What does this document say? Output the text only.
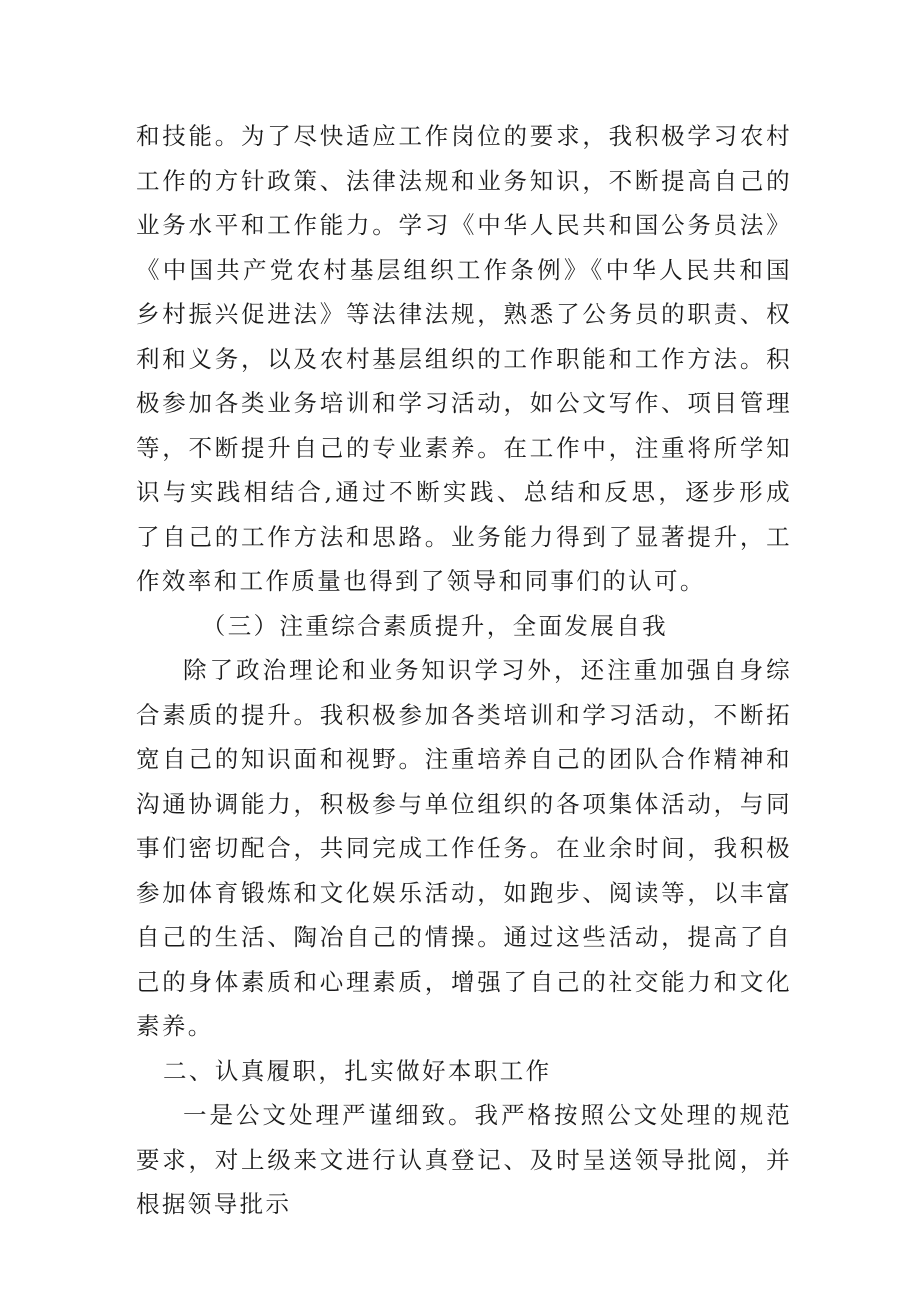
和技能。为了尽快适应工作岗位的要求，我积极学习农村工作的方针政策、法律法规和业务知识，不断提高自己的业务水平和工作能力。学习《中华人民共和国公务员法》《中国共产党农村基层组织工作条例》《中华人民共和国乡村振兴促进法》等法律法规，熟悉了公务员的职责、权利和义务，以及农村基层组织的工作职能和工作方法。积极参加各类业务培训和学习活动，如公文写作、项目管理等，不断提升自己的专业素养。在工作中，注重将所学知识与实践相结合,通过不断实践、总结和反思，逐步形成了自己的工作方法和思路。业务能力得到了显著提升，工作效率和工作质量也得到了领导和同事们的认可。

（三）注重综合素质提升，全面发展自我

除了政治理论和业务知识学习外，还注重加强自身综合素质的提升。我积极参加各类培训和学习活动，不断拓宽自己的知识面和视野。注重培养自己的团队合作精神和沟通协调能力，积极参与单位组织的各项集体活动，与同事们密切配合，共同完成工作任务。在业余时间，我积极参加体育锻炼和文化娱乐活动，如跑步、阅读等，以丰富自己的生活、陶冶自己的情操。通过这些活动，提高了自己的身体素质和心理素质，增强了自己的社交能力和文化素养。

二、认真履职，扎实做好本职工作

一是公文处理严谨细致。我严格按照公文处理的规范要求，对上级来文进行认真登记、及时呈送领导批阅，并根据领导批示
